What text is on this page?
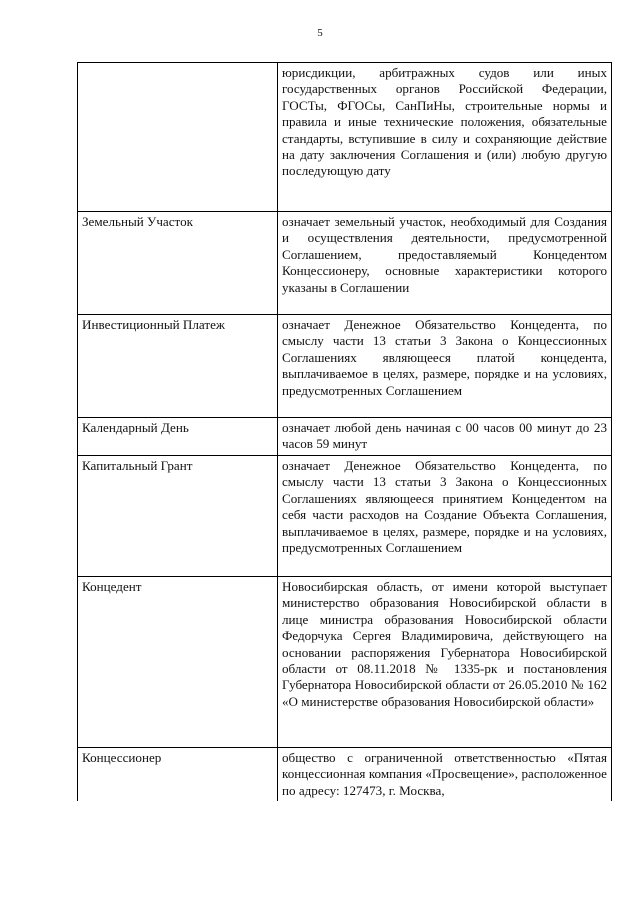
5
	юрисдикции, арбитражных судов или иных государственных органов Российской Федерации, ГОСТы, ФГОСы, СанПиНы, строительные нормы и правила и иные технические положения, обязательные стандарты, вступившие в силу и сохраняющие действие на дату заключения Соглашения и (или) любую другую последующую дату
Земельный Участок	означает земельный участок, необходимый для Создания и осуществления деятельности, предусмотренной Соглашением, предоставляемый Концедентом Концессионеру, основные характеристики которого указаны в Соглашении
Инвестиционный Платеж	означает Денежное Обязательство Концедента, по смыслу части 13 статьи 3 Закона о Концессионных Соглашениях являющееся платой концедента, выплачиваемое в целях, размере, порядке и на условиях, предусмотренных Соглашением
Календарный День	означает любой день начиная с 00 часов 00 минут до 23 часов 59 минут
Капитальный Грант	означает Денежное Обязательство Концедента, по смыслу части 13 статьи 3 Закона о Концессионных Соглашениях являющееся принятием Концедентом на себя части расходов на Создание Объекта Соглашения, выплачиваемое в целях, размере, порядке и на условиях, предусмотренных Соглашением
Концедент	Новосибирская область, от имени которой выступает министерство образования Новосибирской области в лице министра образования Новосибирской области Федорчука Сергея Владимировича, действующего на основании распоряжения Губернатора Новосибирской области от 08.11.2018 № 1335-рк и постановления Губернатора Новосибирской области от 26.05.2010 № 162 «О министерстве образования Новосибирской области»
Концессионер	общество с ограниченной ответственностью «Пятая концессионная компания «Просвещение», расположенное по адресу: 127473, г. Москва,
